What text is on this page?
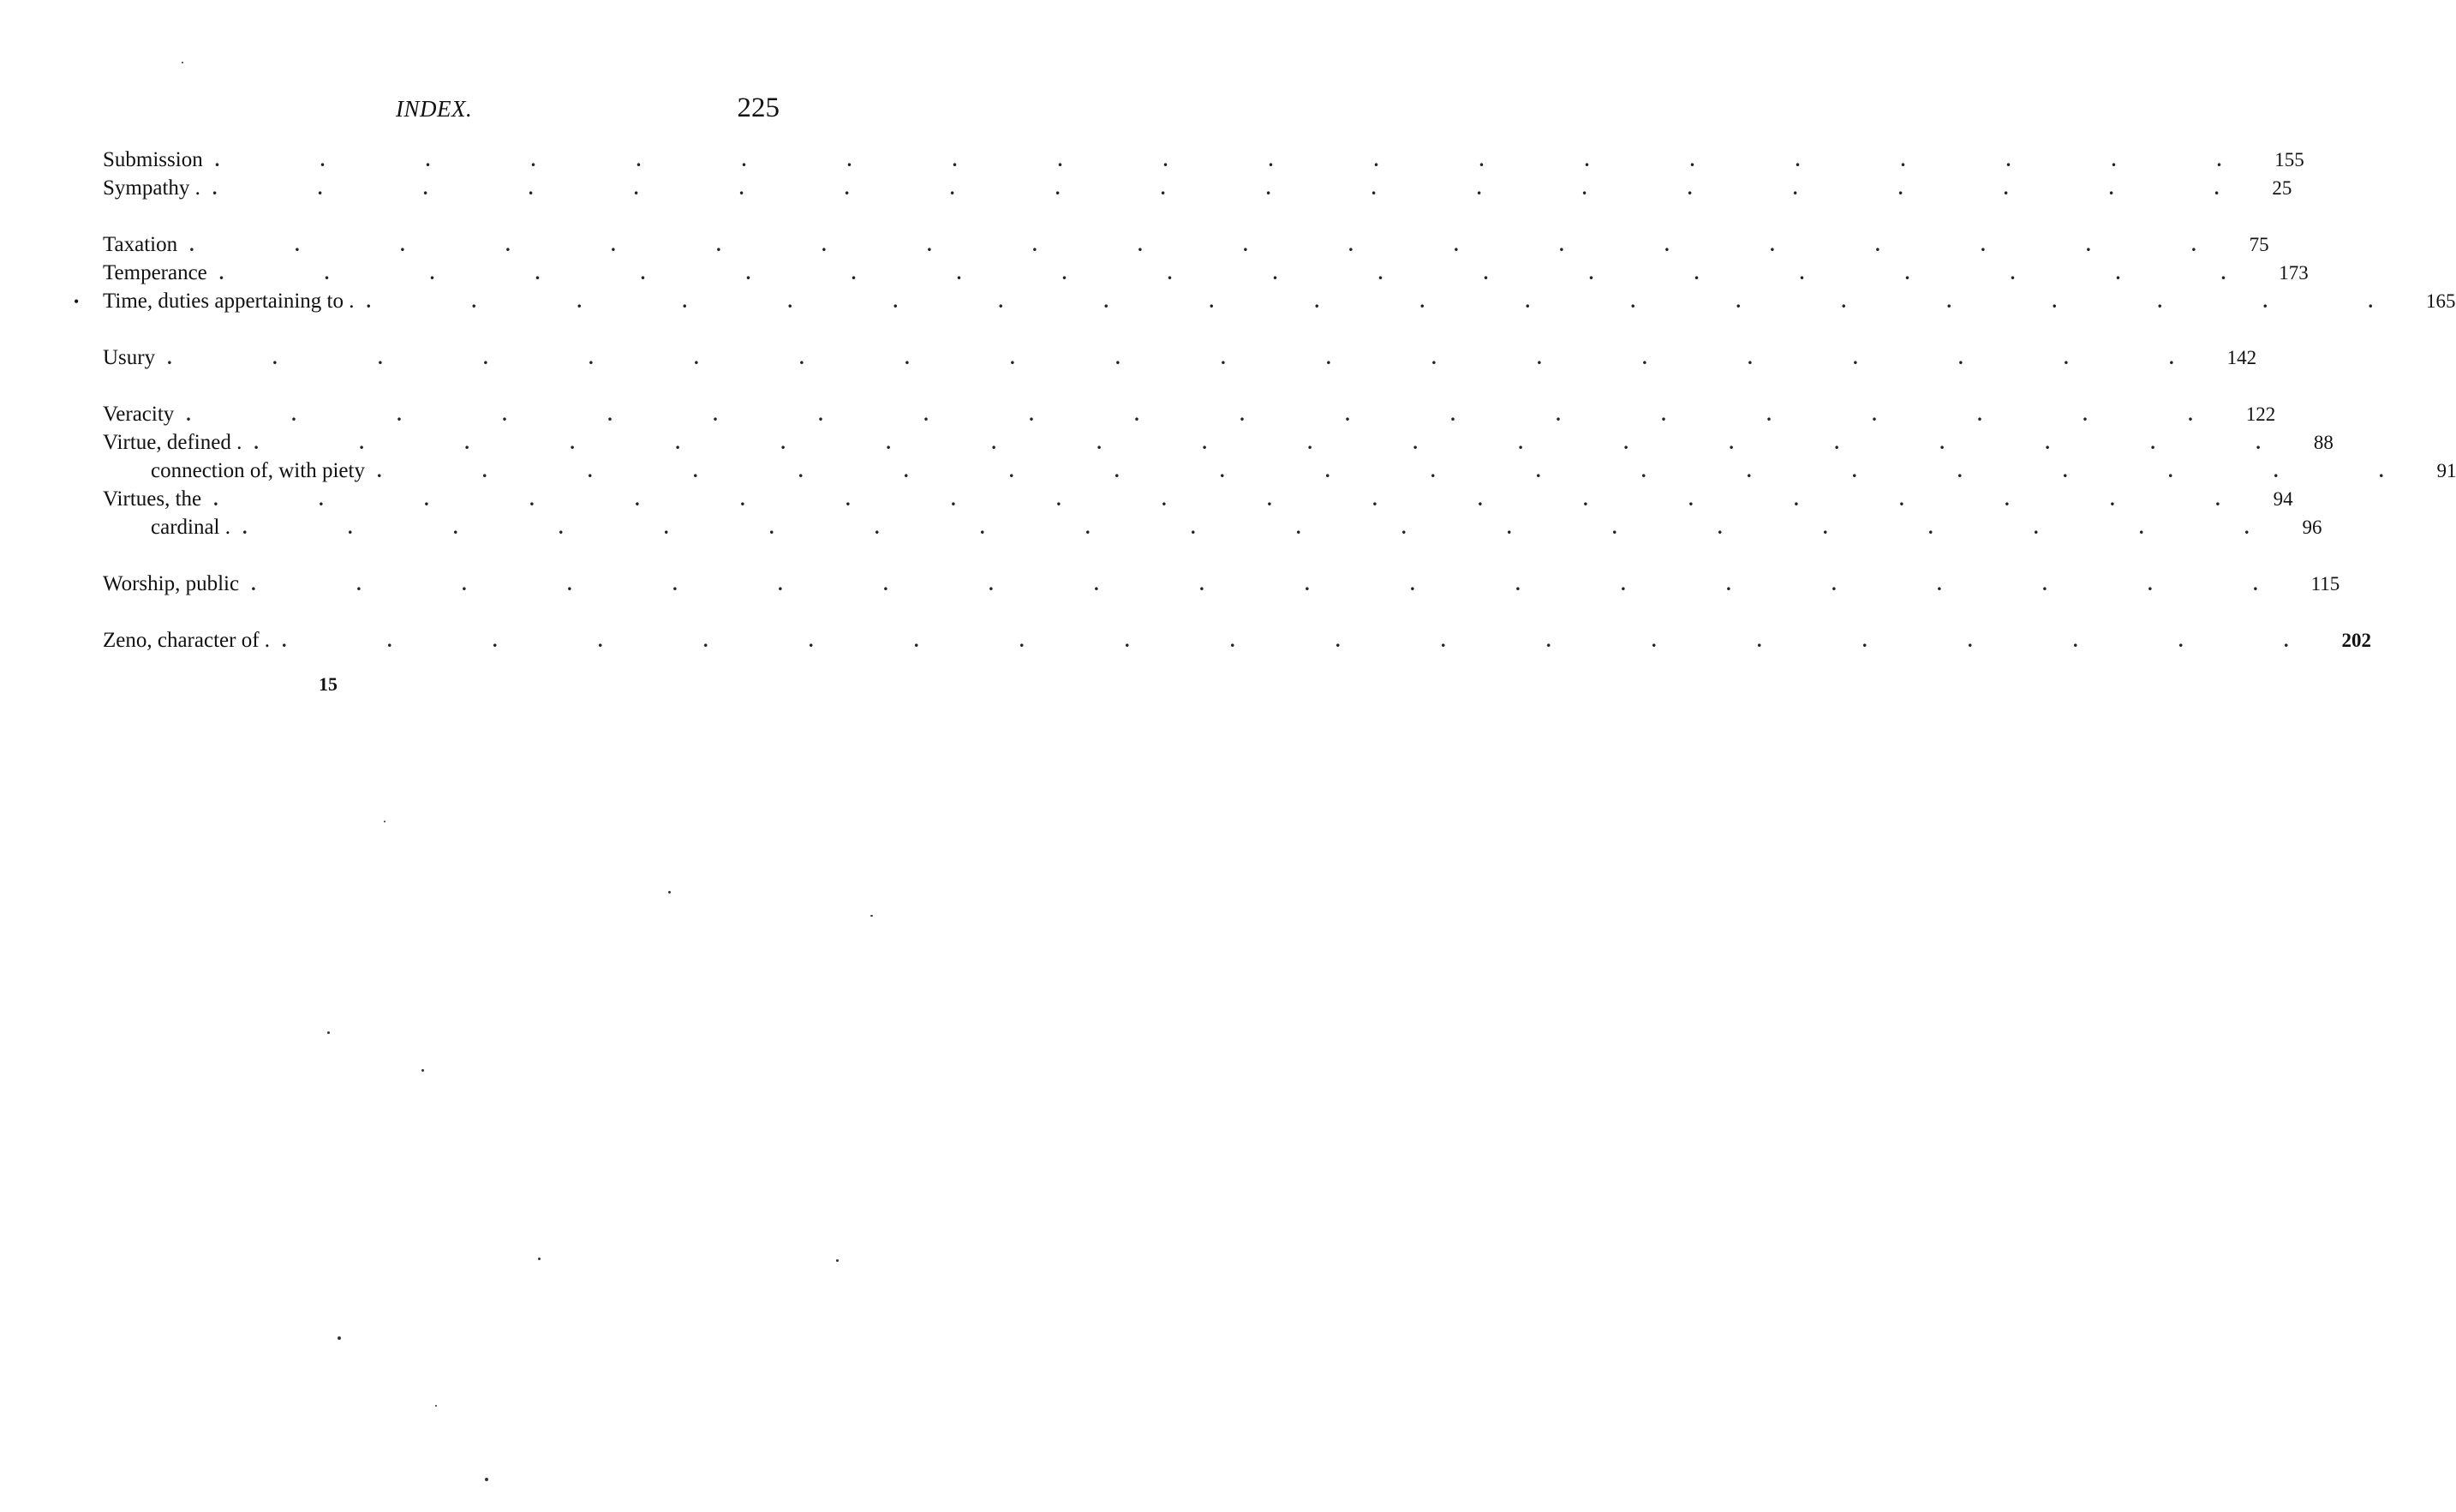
INDEX.	225
•
Submission . . . . . . . . . . . . . . . . . . . . 155
Sympathy . . . . . . . . . . . . . . . . . . . . . 25
Taxation . . . . . . . . . . . . . . . . . . . . 75
Temperance . . . . . . . . . . . . . . . . . . . . 173
Time, duties appertaining to . . . . . . . . . . . . . . . . . . . . . 165
Usury . . . . . . . . . . . . . . . . . . . . 142
Veracity . . . . . . . . . . . . . . . . . . . . 122
Virtue, defined . . . . . . . . . . . . . . . . . . . . . 88
connection of, with piety . . . . . . . . . . . . . . . . . . . . 91
Virtues, the . . . . . . . . . . . . . . . . . . . . 94
cardinal . . . . . . . . . . . . . . . . . . . . . 96
Worship, public . . . . . . . . . . . . . . . . . . . . 115
Zeno, character of . . . . . . . . . . . . . . . . . . . . . 202
15
